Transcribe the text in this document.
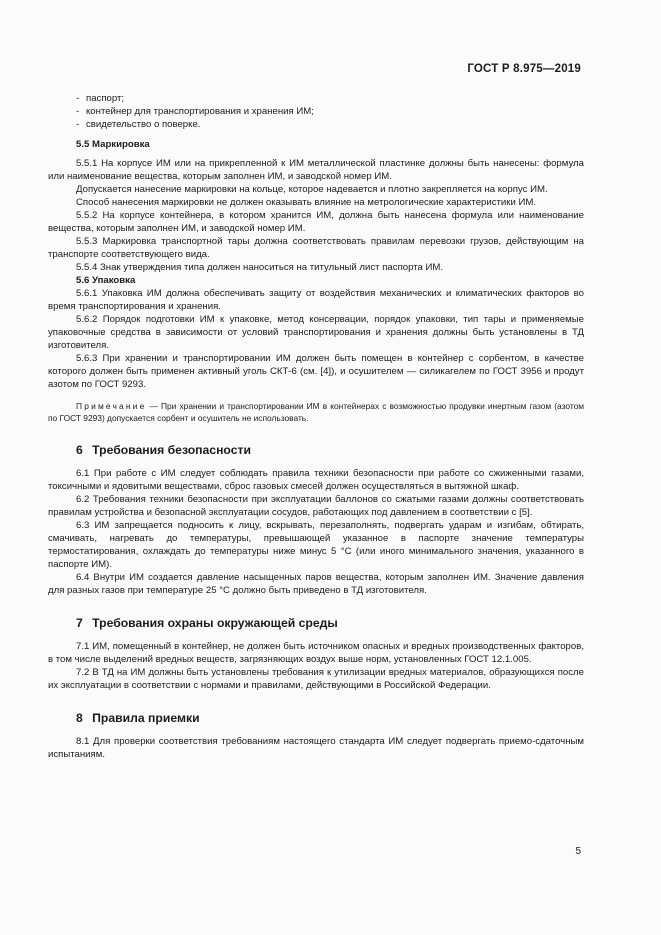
ГОСТ Р 8.975—2019
- паспорт;
- контейнер для транспортирования и хранения ИМ;
- свидетельство о поверке.
5.5 Маркировка
5.5.1 На корпусе ИМ или на прикрепленной к ИМ металлической пластинке должны быть нанесены: формула или наименование вещества, которым заполнен ИМ, и заводской номер ИМ.
Допускается нанесение маркировки на кольце, которое надевается и плотно закрепляется на корпус ИМ.
Способ нанесения маркировки не должен оказывать влияние на метрологические характеристики ИМ.
5.5.2 На корпусе контейнера, в котором хранится ИМ, должна быть нанесена формула или наименование вещества, которым заполнен ИМ, и заводской номер ИМ.
5.5.3 Маркировка транспортной тары должна соответствовать правилам перевозки грузов, действующим на транспорте соответствующего вида.
5.5.4 Знак утверждения типа должен наноситься на титульный лист паспорта ИМ.
5.6 Упаковка
5.6.1 Упаковка ИМ должна обеспечивать защиту от воздействия механических и климатических факторов во время транспортирования и хранения.
5.6.2 Порядок подготовки ИМ к упаковке, метод консервации, порядок упаковки, тип тары и применяемые упаковочные средства в зависимости от условий транспортирования и хранения должны быть установлены в ТД изготовителя.
5.6.3 При хранении и транспортировании ИМ должен быть помещен в контейнер с сорбентом, в качестве которого должен быть применен активный уголь СКТ-6 (см. [4]), и осушителем — силикагелем по ГОСТ 3956 и продут азотом по ГОСТ 9293.
Примечание — При хранении и транспортировании ИМ в контейнерах с возможностью продувки инертным газом (азотом по ГОСТ 9293) допускается сорбент и осушитель не использовать.
6 Требования безопасности
6.1 При работе с ИМ следует соблюдать правила техники безопасности при работе со сжиженными газами, токсичными и ядовитыми веществами, сброс газовых смесей должен осуществляться в вытяжной шкаф.
6.2 Требования техники безопасности при эксплуатации баллонов со сжатыми газами должны соответствовать правилам устройства и безопасной эксплуатации сосудов, работающих под давлением в соответствии с [5].
6.3 ИМ запрещается подносить к лицу, вскрывать, перезаполнять, подвергать ударам и изгибам, обтирать, смачивать, нагревать до температуры, превышающей указанное в паспорте значение температуры термостатирования, охлаждать до температуры ниже минус 5 °С (или иного минимального значения, указанного в паспорте ИМ).
6.4 Внутри ИМ создается давление насыщенных паров вещества, которым заполнен ИМ. Значение давления для разных газов при температуре 25 °С должно быть приведено в ТД изготовителя.
7 Требования охраны окружающей среды
7.1 ИМ, помещенный в контейнер, не должен быть источником опасных и вредных производственных факторов, в том числе выделений вредных веществ, загрязняющих воздух выше норм, установленных ГОСТ 12.1.005.
7.2 В ТД на ИМ должны быть установлены требования к утилизации вредных материалов, образующихся после их эксплуатации в соответствии с нормами и правилами, действующими в Российской Федерации.
8 Правила приемки
8.1 Для проверки соответствия требованиям настоящего стандарта ИМ следует подвергать приемо-сдаточным испытаниям.
5
